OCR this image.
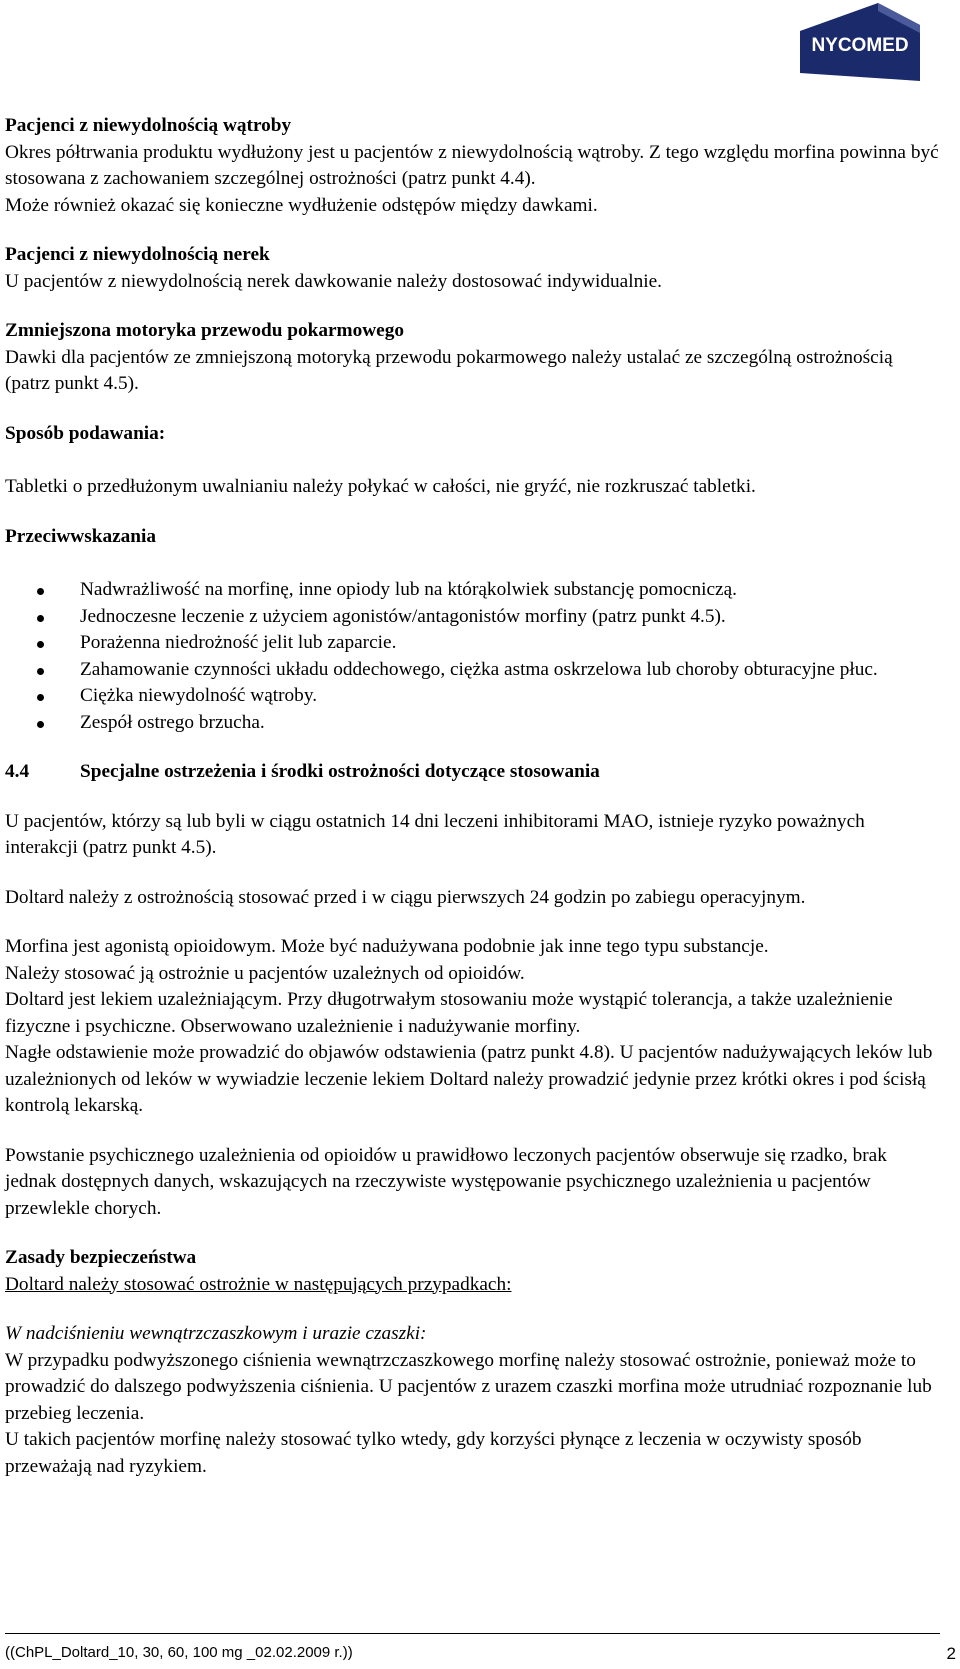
NYCOMED

Pacjenci z niewydolnością wątroby

Okres półtrwania produktu wydłużony jest u pacjentów z niewydolnością wątroby. Z tego względu morfina powinna być stosowana z zachowaniem szczególnej ostrożności (patrz punkt 4.4).

Może również okazać się konieczne wydłużenie odstępów między dawkami.

Pacjenci z niewydolnością nerek

U pacjentów z niewydolnością nerek dawkowanie należy dostosować indywidualnie.

Zmniejszona motoryka przewodu pokarmowego

Dawki dla pacjentów ze zmniejszoną motoryką przewodu pokarmowego należy ustalać ze szczególną ostrożnością (patrz punkt 4.5).

Sposób podawania:

Tabletki o przedłużonym uwalnianiu należy połykać w całości, nie gryźć, nie rozkruszać tabletki.

Przeciwwskazania

Nadwrażliwość na morfinę, inne opiody lub na którąkolwiek substancję pomocniczą.
Jednoczesne leczenie z użyciem agonistów/antagonistów morfiny (patrz punkt 4.5).
Porażenna niedrożność jelit lub zaparcie.
Zahamowanie czynności układu oddechowego, ciężka astma oskrzelowa lub choroby obturacyjne płuc.
Ciężka niewydolność wątroby.
Zespół ostrego brzucha.

4.4	Specjalne ostrzeżenia i środki ostrożności dotyczące stosowania

U pacjentów, którzy są lub byli w ciągu ostatnich 14 dni leczeni inhibitorami MAO, istnieje ryzyko poważnych interakcji (patrz punkt 4.5).

Doltard należy z ostrożnością stosować przed i w ciągu pierwszych 24 godzin po zabiegu operacyjnym.

Morfina jest agonistą opioidowym. Może być nadużywana podobnie jak inne tego typu substancje.

Należy stosować ją ostrożnie u pacjentów uzależnych od opioidów.

Doltard jest lekiem uzależniającym. Przy długotrwałym stosowaniu może wystąpić tolerancja, a także uzależnienie fizyczne i psychiczne. Obserwowano uzależnienie i nadużywanie morfiny.

Nagłe odstawienie może prowadzić do objawów odstawienia (patrz punkt 4.8). U pacjentów nadużywających leków lub uzależnionych od leków w wywiadzie leczenie lekiem Doltard należy prowadzić jedynie przez krótki okres i pod ścisłą kontrolą lekarską.

Powstanie psychicznego uzależnienia od opioidów u prawidłowo leczonych pacjentów obserwuje się rzadko, brak jednak dostępnych danych, wskazujących na rzeczywiste występowanie psychicznego uzależnienia u pacjentów przewlekle chorych.

Zasady bezpieczeństwa

Doltard należy stosować ostrożnie w następujących przypadkach:

W nadciśnieniu wewnątrzczaszkowym i urazie czaszki:

W przypadku podwyższonego ciśnienia wewnątrzczaszkowego morfinę należy stosować ostrożnie, ponieważ może to prowadzić do dalszego podwyższenia ciśnienia. U pacjentów z urazem czaszki morfina może utrudniać rozpoznanie lub przebieg leczenia.

U takich pacjentów morfinę należy stosować tylko wtedy, gdy korzyści płynące z leczenia w oczywisty sposób przeważają nad ryzykiem.

((ChPL_Doltard_10, 30, 60, 100 mg _02.02.2009 r.))	2
